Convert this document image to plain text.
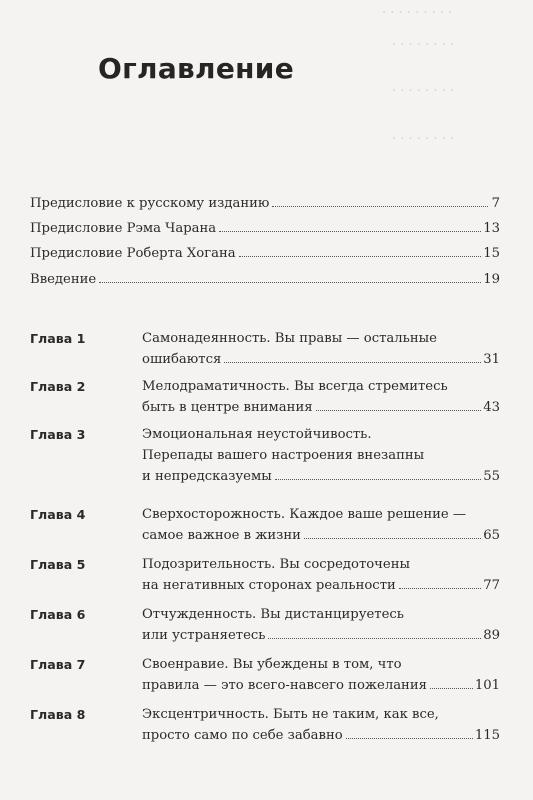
. . . . . . . . .
. . . . . . . .
. . . . . . . .
. . . . . . . .
Оглавление
Предисловие к русскому изданию	7
Предисловие Рэма Чарана	13
Предисловие Роберта Хогана	15
Введение	19
Глава 1	Самонадеянность. Вы правы — остальные
ошибаются	31
Глава 2	Мелодраматичность. Вы всегда стремитесь
быть в центре внимания	43
Глава 3	Эмоциональная неустойчивость.
Перепады вашего настроения внезапны
и непредсказуемы	55
Глава 4	Сверхосторожность. Каждое ваше решение —
самое важное в жизни	65
Глава 5	Подозрительность. Вы сосредоточены
на негативных сторонах реальности	77
Глава 6	Отчужденность. Вы дистанцируетесь
или устраняетесь	89
Глава 7	Своенравие. Вы убеждены в том, что
правила — это всего-навсего пожелания	101
Глава 8	Эксцентричность. Быть не таким, как все,
просто само по себе забавно	115
